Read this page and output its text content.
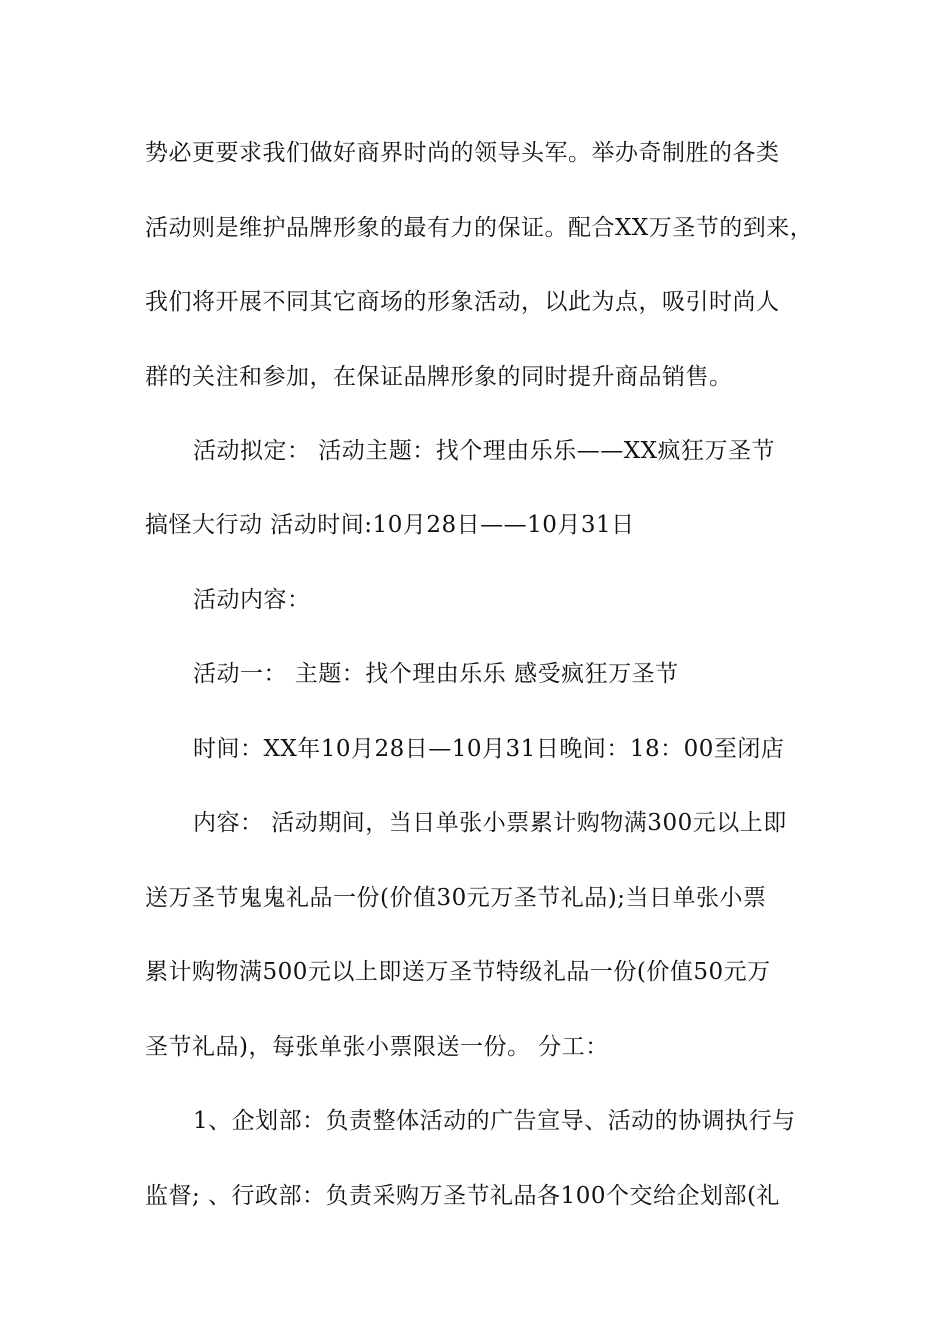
势必更要求我们做好商界时尚的领导头军。举办奇制胜的各类
活动则是维护品牌形象的最有力的保证。配合XX万圣节的到来，
我们将开展不同其它商场的形象活动，以此为点，吸引时尚人
群的关注和参加，在保证品牌形象的同时提升商品销售。
活动拟定： 活动主题：找个理由乐乐——XX疯狂万圣节
搞怪大行动 活动时间:10月28日——10月31日
活动内容：
活动一： 主题：找个理由乐乐 感受疯狂万圣节
时间：XX年10月28日—10月31日晚间：18：00至闭店
内容： 活动期间，当日单张小票累计购物满300元以上即
送万圣节鬼鬼礼品一份(价值30元万圣节礼品);当日单张小票
累计购物满500元以上即送万圣节特级礼品一份(价值50元万
圣节礼品)，每张单张小票限送一份。 分工：
1、企划部：负责整体活动的广告宣导、活动的协调执行与
监督; 、行政部：负责采购万圣节礼品各100个交给企划部(礼
